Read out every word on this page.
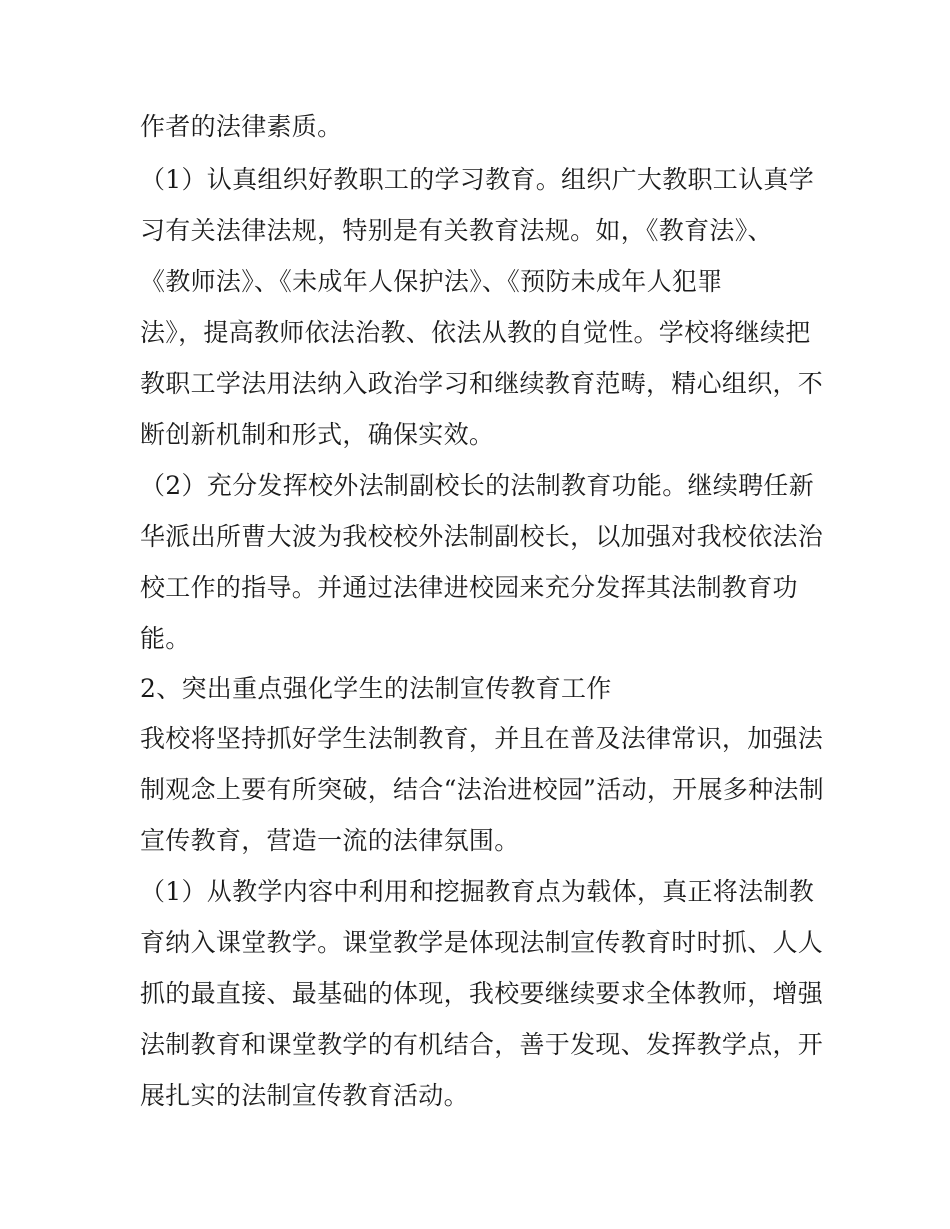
作者的法律素质。
（1）认真组织好教职工的学习教育。组织广大教职工认真学
习有关法律法规，特别是有关教育法规。如，《教育法》、
《教师法》、《未成年人保护法》、《预防未成年人犯罪
法》，提高教师依法治教、依法从教的自觉性。学校将继续把
教职工学法用法纳入政治学习和继续教育范畴，精心组织，不
断创新机制和形式，确保实效。
（2）充分发挥校外法制副校长的法制教育功能。继续聘任新
华派出所曹大波为我校校外法制副校长，以加强对我校依法治
校工作的指导。并通过法律进校园来充分发挥其法制教育功
能。
2、突出重点强化学生的法制宣传教育工作
我校将坚持抓好学生法制教育，并且在普及法律常识，加强法
制观念上要有所突破，结合“法治进校园”活动，开展多种法制
宣传教育，营造一流的法律氛围。
（1）从教学内容中利用和挖掘教育点为载体，真正将法制教
育纳入课堂教学。课堂教学是体现法制宣传教育时时抓、人人
抓的最直接、最基础的体现，我校要继续要求全体教师，增强
法制教育和课堂教学的有机结合，善于发现、发挥教学点，开
展扎实的法制宣传教育活动。
